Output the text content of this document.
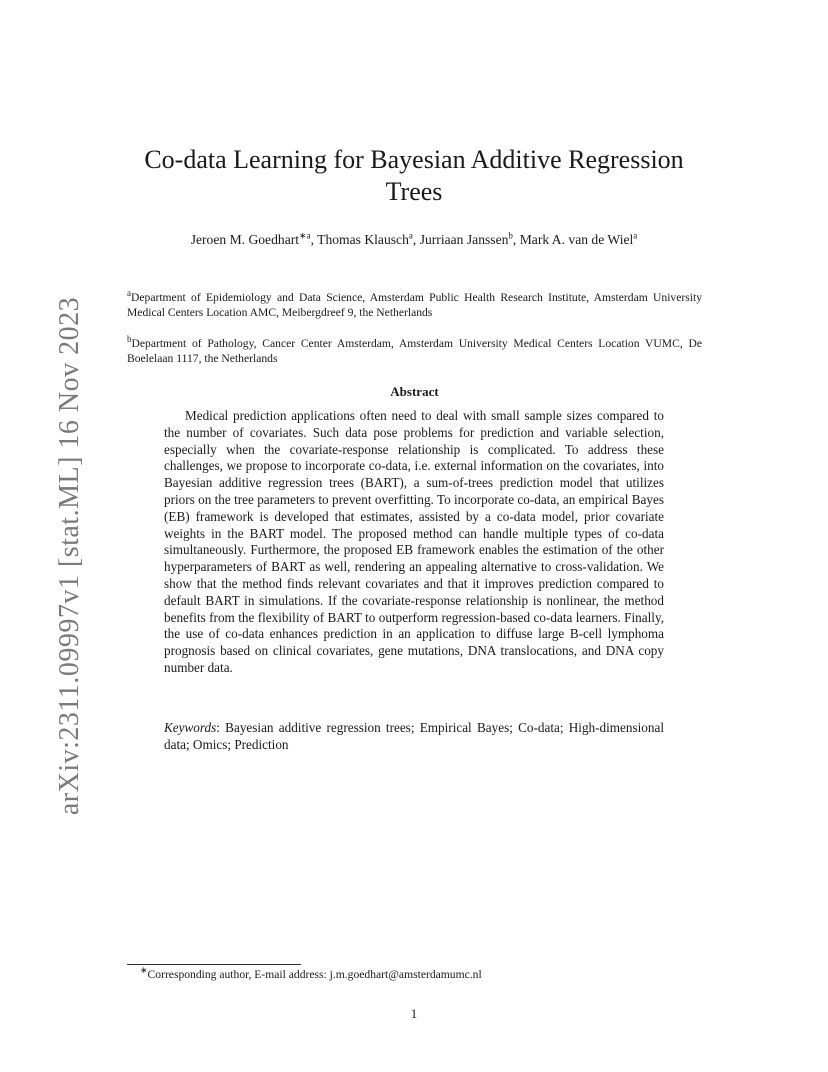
arXiv:2311.09997v1 [stat.ML] 16 Nov 2023
Co-data Learning for Bayesian Additive Regression
Trees
Jeroen M. Goedhart$^{∗a}$, Thomas Klausch$^a$, Jurriaan Janssen$^b$, Mark A. van de Wiel$^a$
$^a$Department of Epidemiology and Data Science, Amsterdam Public Health Research Institute, Amsterdam University Medical Centers Location AMC, Meibergdreef 9, the Netherlands
$^b$Department of Pathology, Cancer Center Amsterdam, Amsterdam University Medical Centers Location VUMC, De Boelelaan 1117, the Netherlands
Abstract

Medical prediction applications often need to deal with small sample sizes compared to the number of covariates. Such data pose problems for prediction and variable selection, especially when the covariate-response relationship is complicated. To address these challenges, we propose to incorporate co-data, i.e. external information on the covariates, into Bayesian additive regression trees (BART), a sum-of-trees prediction model that utilizes priors on the tree parameters to prevent overfitting. To incorporate co-data, an empirical Bayes (EB) framework is developed that estimates, assisted by a co-data model, prior covariate weights in the BART model. The proposed method can handle multiple types of co-data simultaneously. Furthermore, the proposed EB framework enables the estimation of the other hyperparameters of BART as well, rendering an appealing alternative to cross-validation. We show that the method finds relevant covariates and that it improves prediction compared to default BART in simulations. If the covariate-response relationship is nonlinear, the method benefits from the flexibility of BART to outperform regression-based co-data learners. Finally, the use of co-data enhances prediction in an application to diffuse large B-cell lymphoma prognosis based on clinical covariates, gene mutations, DNA translocations, and DNA copy number data.

Keywords: Bayesian additive regression trees; Empirical Bayes; Co-data; High-dimensional data; Omics; Prediction

∗Corresponding author, E-mail address: j.m.goedhart@amsterdamumc.nl
1
